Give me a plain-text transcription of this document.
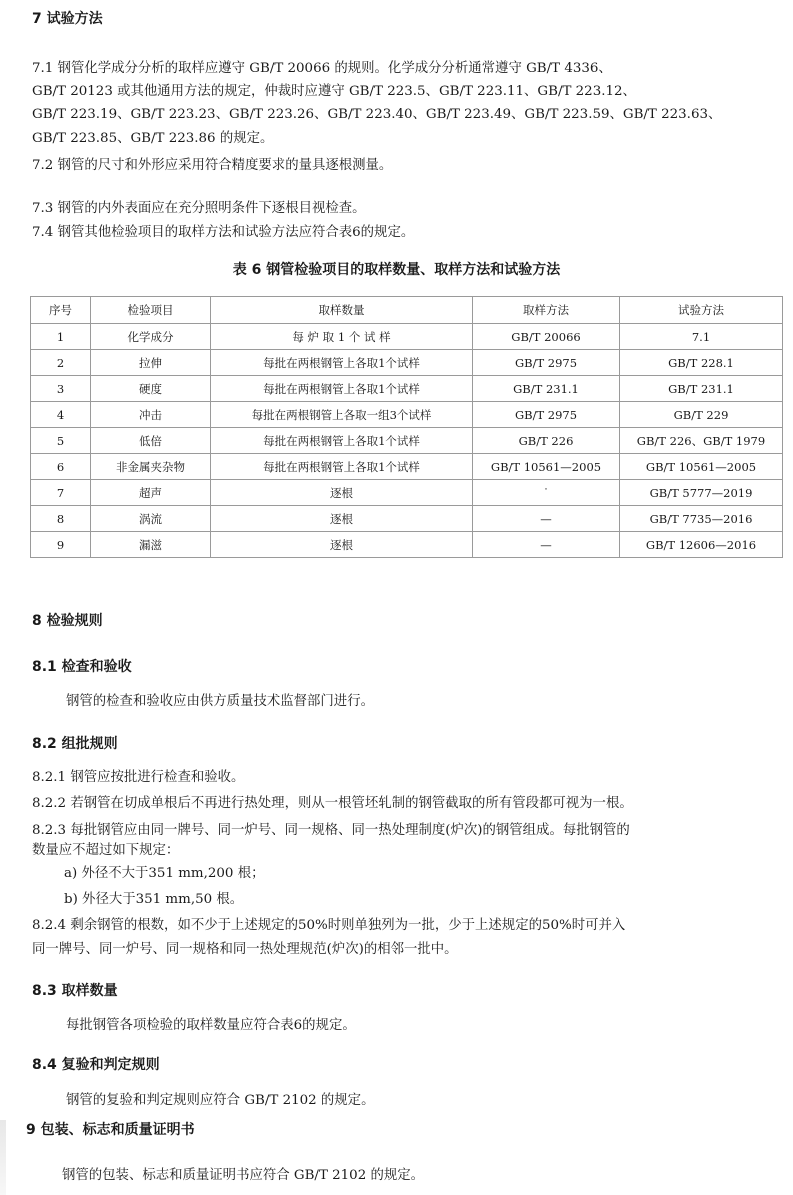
7 试验方法
7.1 钢管化学成分分析的取样应遵守 GB/T 20066 的规则。化学成分分析通常遵守 GB/T 4336、
GB/T 20123 或其他通用方法的规定，仲裁时应遵守 GB/T 223.5、GB/T 223.11、GB/T 223.12、
GB/T 223.19、GB/T 223.23、GB/T 223.26、GB/T 223.40、GB/T 223.49、GB/T 223.59、GB/T 223.63、
GB/T 223.85、GB/T 223.86 的规定。
7.2 钢管的尺寸和外形应采用符合精度要求的量具逐根测量。
7.3 钢管的内外表面应在充分照明条件下逐根目视检查。
7.4 钢管其他检验项目的取样方法和试验方法应符合表6的规定。
表 6 钢管检验项目的取样数量、取样方法和试验方法
序号	检验项目	取样数量	取样方法	试验方法
1	化学成分	每 炉 取 1 个 试 样	GB/T 20066	7.1
2	拉伸	每批在两根钢管上各取1个试样	GB/T 2975	GB/T 228.1
3	硬度	每批在两根钢管上各取1个试样	GB/T 231.1	GB/T 231.1
4	冲击	每批在两根钢管上各取一组3个试样	GB/T 2975	GB/T 229
5	低倍	每批在两根钢管上各取1个试样	GB/T 226	GB/T 226、GB/T 1979
6	非金属夹杂物	每批在两根钢管上各取1个试样	GB/T 10561—2005	GB/T 10561—2005
7	超声	逐根	˙	GB/T 5777—2019
8	涡流	逐根	—	GB/T 7735—2016
9	漏滋	逐根	—	GB/T 12606—2016
8 检验规则
8.1 检查和验收
钢管的检查和验收应由供方质量技术监督部门进行。
8.2 组批规则
8.2.1 钢管应按批进行检查和验收。
8.2.2 若钢管在切成单根后不再进行热处理，则从一根管坯轧制的钢管截取的所有管段都可视为一根。
8.2.3 每批钢管应由同一牌号、同一炉号、同一规格、同一热处理制度(炉次)的钢管组成。每批钢管的
数量应不超过如下规定：
a) 外径不大于351 mm,200 根；
b) 外径大于351 mm,50 根。
8.2.4 剩余钢管的根数，如不少于上述规定的50%时则单独列为一批，少于上述规定的50%时可并入
同一牌号、同一炉号、同一规格和同一热处理规范(炉次)的相邻一批中。
8.3 取样数量
每批钢管各项检验的取样数量应符合表6的规定。
8.4 复验和判定规则
钢管的复验和判定规则应符合 GB/T 2102 的规定。
9 包装、标志和质量证明书
钢管的包装、标志和质量证明书应符合 GB/T 2102 的规定。
